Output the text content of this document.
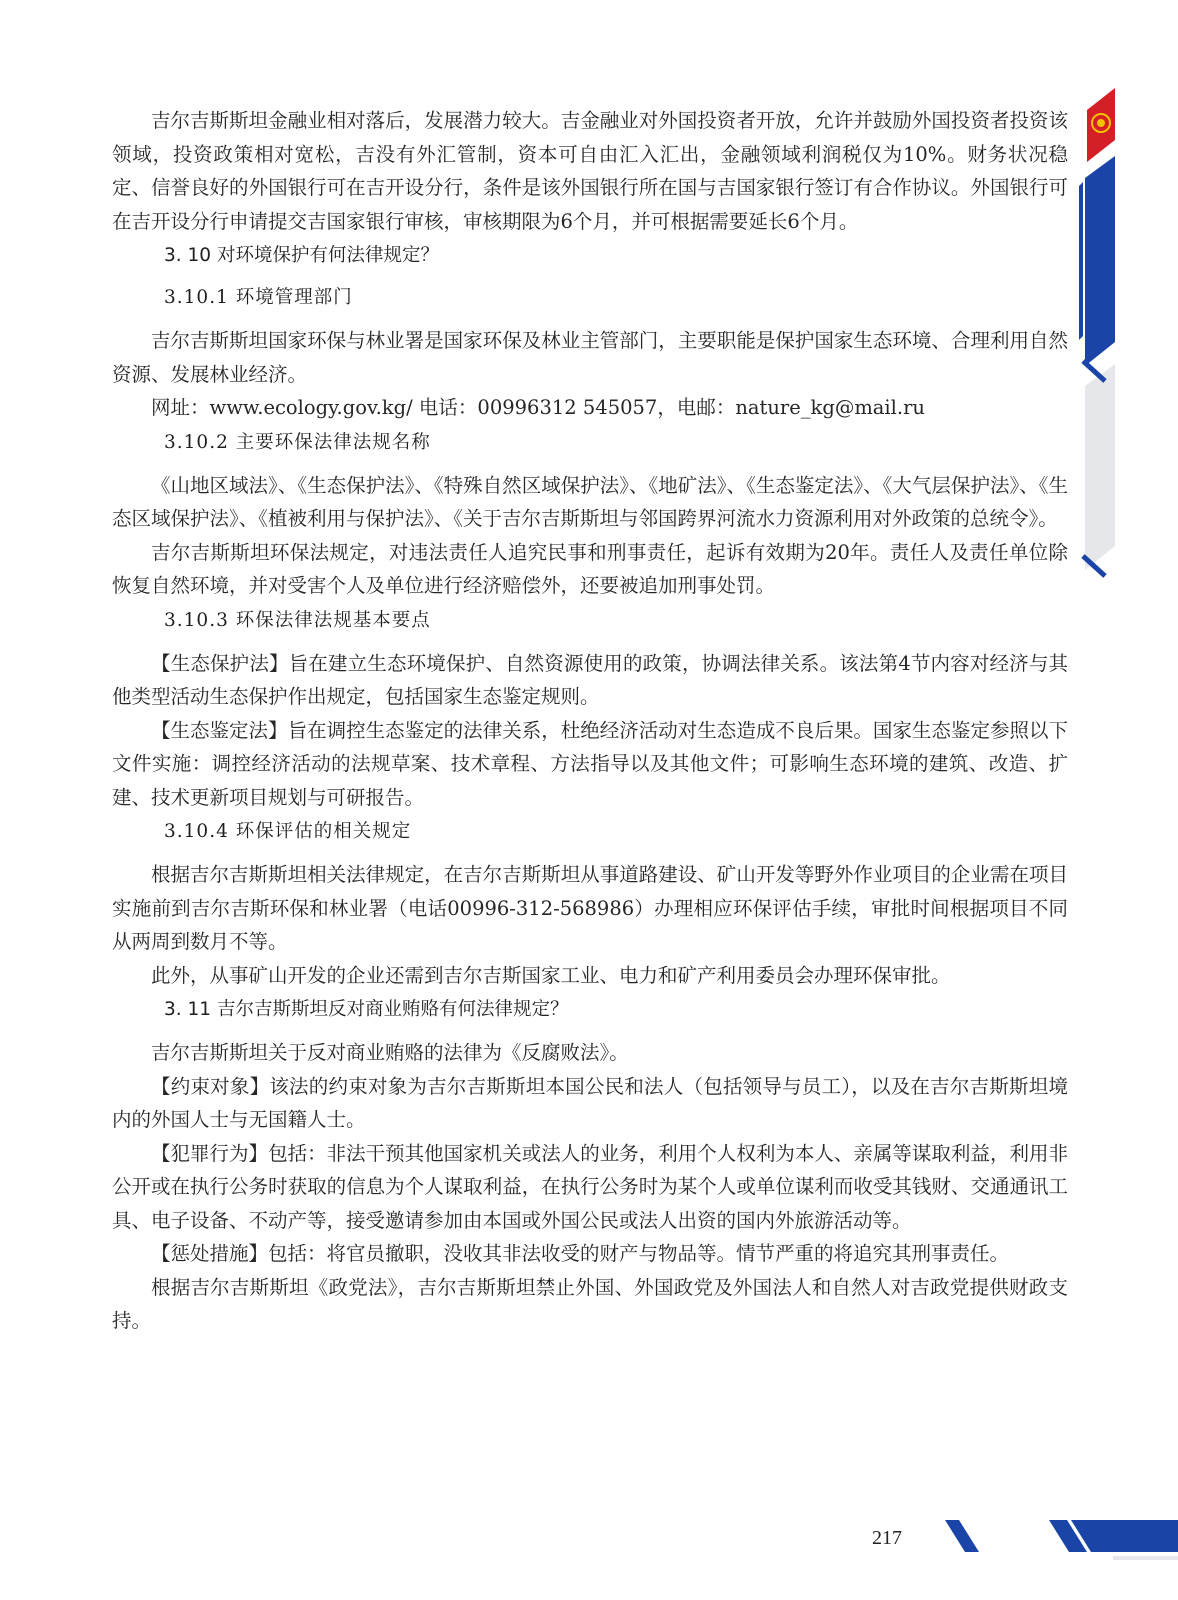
吉尔吉斯斯坦金融业相对落后，发展潜力较大。吉金融业对外国投资者开放，允许并鼓励外国投资者投资该领域，投资政策相对宽松，吉没有外汇管制，资本可自由汇入汇出，金融领域利润税仅为10%。财务状况稳定、信誉良好的外国银行可在吉开设分行，条件是该外国银行所在国与吉国家银行签订有合作协议。外国银行可在吉开设分行申请提交吉国家银行审核，审核期限为6个月，并可根据需要延长6个月。

3. 10 对环境保护有何法律规定？
3.10.1 环境管理部门

吉尔吉斯斯坦国家环保与林业署是国家环保及林业主管部门，主要职能是保护国家生态环境、合理利用自然资源、发展林业经济。

网址：www.ecology.gov.kg/ 电话：00996312 545057，电邮：nature_kg@mail.ru

3.10.2 主要环保法律法规名称

《山地区域法》、《生态保护法》、《特殊自然区域保护法》、《地矿法》、《生态鉴定法》、《大气层保护法》、《生态区域保护法》、《植被利用与保护法》、《关于吉尔吉斯斯坦与邻国跨界河流水力资源利用对外政策的总统令》。

吉尔吉斯斯坦环保法规定，对违法责任人追究民事和刑事责任，起诉有效期为20年。责任人及责任单位除恢复自然环境，并对受害个人及单位进行经济赔偿外，还要被追加刑事处罚。

3.10.3 环保法律法规基本要点

【生态保护法】旨在建立生态环境保护、自然资源使用的政策，协调法律关系。该法第4节内容对经济与其他类型活动生态保护作出规定，包括国家生态鉴定规则。

【生态鉴定法】旨在调控生态鉴定的法律关系，杜绝经济活动对生态造成不良后果。国家生态鉴定参照以下文件实施：调控经济活动的法规草案、技术章程、方法指导以及其他文件；可影响生态环境的建筑、改造、扩建、技术更新项目规划与可研报告。

3.10.4 环保评估的相关规定

根据吉尔吉斯斯坦相关法律规定，在吉尔吉斯斯坦从事道路建设、矿山开发等野外作业项目的企业需在项目实施前到吉尔吉斯环保和林业署（电话00996-312-568986）办理相应环保评估手续，审批时间根据项目不同从两周到数月不等。

此外，从事矿山开发的企业还需到吉尔吉斯国家工业、电力和矿产利用委员会办理环保审批。

3. 11 吉尔吉斯斯坦反对商业贿赂有何法律规定？

吉尔吉斯斯坦关于反对商业贿赂的法律为《反腐败法》。

【约束对象】该法的约束对象为吉尔吉斯斯坦本国公民和法人（包括领导与员工），以及在吉尔吉斯斯坦境内的外国人士与无国籍人士。

【犯罪行为】包括：非法干预其他国家机关或法人的业务，利用个人权利为本人、亲属等谋取利益，利用非公开或在执行公务时获取的信息为个人谋取利益，在执行公务时为某个人或单位谋利而收受其钱财、交通通讯工具、电子设备、不动产等，接受邀请参加由本国或外国公民或法人出资的国内外旅游活动等。

【惩处措施】包括：将官员撤职，没收其非法收受的财产与物品等。情节严重的将追究其刑事责任。

根据吉尔吉斯斯坦《政党法》，吉尔吉斯斯坦禁止外国、外国政党及外国法人和自然人对吉政党提供财政支持。

217
